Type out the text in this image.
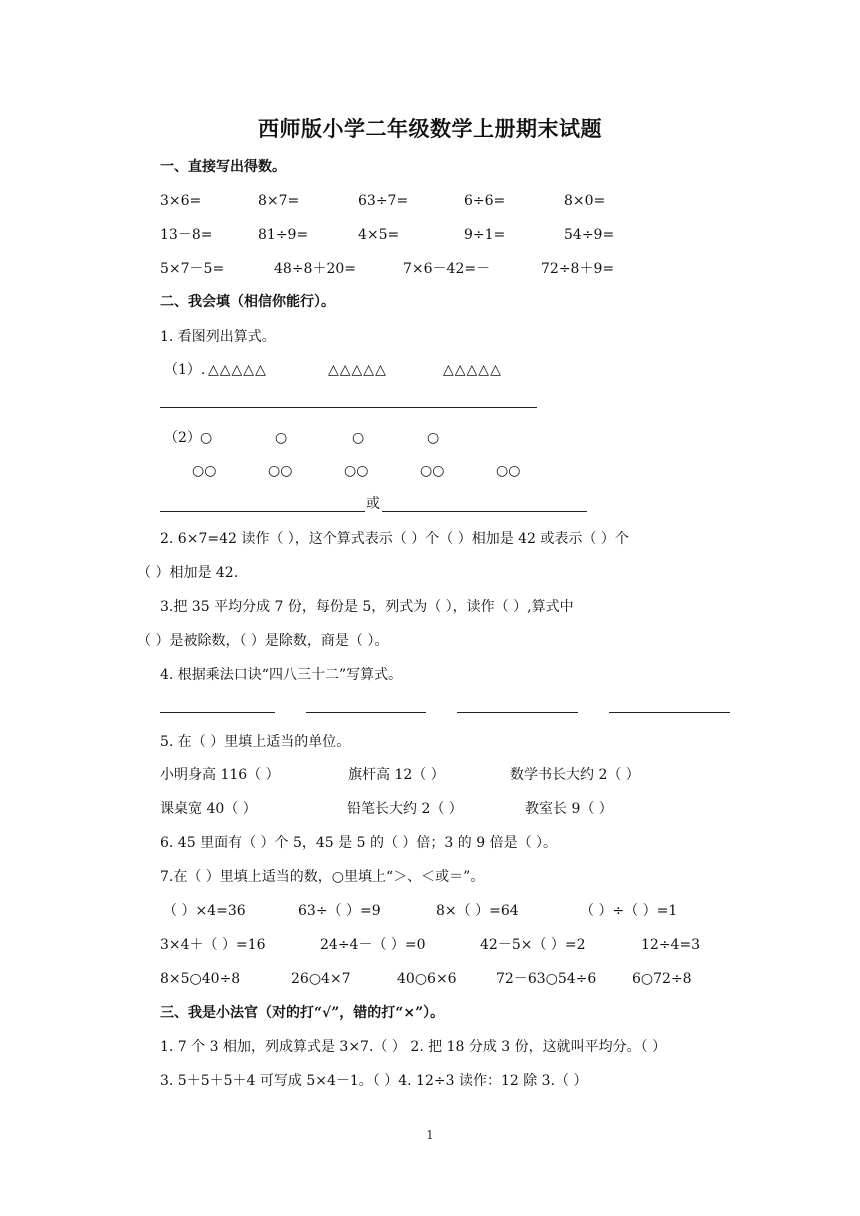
西师版小学二年级数学上册期末试题
一、直接写出得数。
3×6=	8×7=	63÷7=	6÷6=	8×0=
13－8=	81÷9=	4×5=	9÷1=	54÷9=
5×7－5=	48÷8＋20=	7×6－42=－	72÷8＋9=
二、我会填（相信你能行）。
1. 看图列出算式。
（1）. △△△△△	△△△△△	△△△△△
（2） ○	○	○	○
○○	○○	○○	○○	○○
或
2. 6×7=42 读作（ ），这个算式表示（ ）个（ ）相加是 42 或表示（ ）个
（ ）相加是 42.
3.把 35 平均分成 7 份，每份是 5，列式为（ ），读作（ ）,算式中
（ ）是被除数，（ ）是除数，商是（ ）。
4. 根据乘法口诀“四八三十二”写算式。
5. 在（ ）里填上适当的单位。
小明身高 116（ ）	旗杆高 12（ ）	数学书长大约 2（ ）
课桌宽 40（ ）	铅笔长大约 2（ ）	教室长 9（ ）
6. 45 里面有（ ）个 5，45 是 5 的（ ）倍；3 的 9 倍是（ ）。
7.在（ ）里填上适当的数，○里填上“＞、＜或＝”。
（ ）×4=36	63÷（ ）=9	8×（ ）=64	（ ）÷（ ）=1
3×4＋（ ）=16	24÷4－（ ）=0	42－5×（ ）=2	12÷4=3
8×5○40÷8	26○4×7	40○6×6	72－63○54÷6	6○72÷8
三、我是小法官（对的打“√”，错的打“×”）。
1. 7 个 3 相加，列成算式是 3×7.（ ） 2. 把 18 分成 3 份，这就叫平均分。（ ）
3. 5＋5＋5＋4 可写成 5×4－1。（ ）4. 12÷3 读作：12 除 3.（ ）
1
